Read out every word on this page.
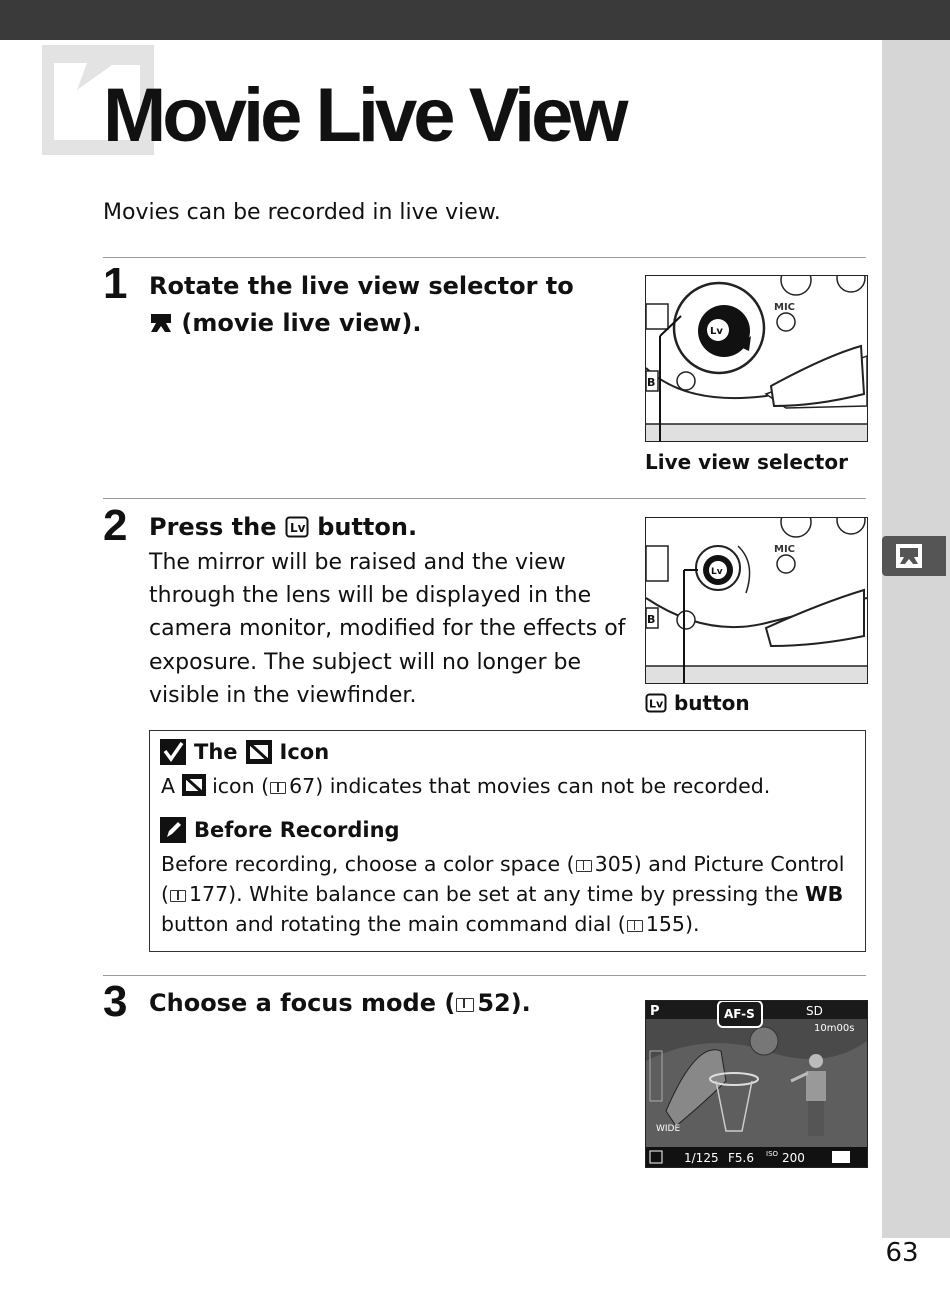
63
Movie Live View
Movies can be recorded in live view.
1 Rotate the live view selector to
(movie live view).	Lv
MIC
B
Live view selector
2 Press the Lv button.
The mirror will be raised and the view through the lens will be displayed in the camera monitor, modified for the effects of exposure. The subject will no longer be visible in the viewfinder.
Lv
MIC
B
Lv button
The Icon
A icon ( 67) indicates that movies can not be recorded.
Before Recording
Before recording, choose a color space ( 305) and Picture Control
( 177). White balance can be set at any time by pressing the WB
button and rotating the main command dial ( 155).
3 Choose a focus mode ( 52).	P	AF-S	SD
10m00s
WIDE
1/125 F5.6 ISO 200
